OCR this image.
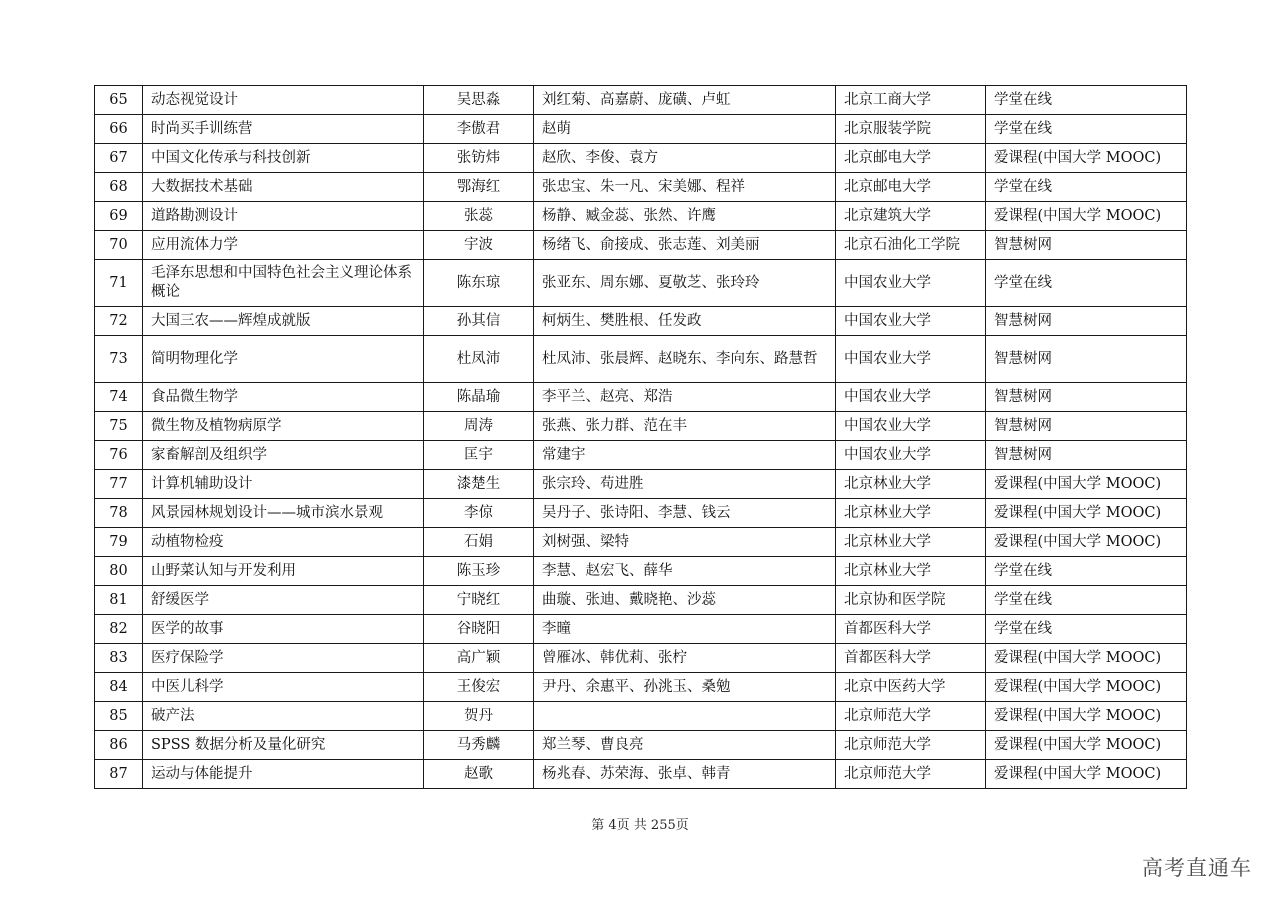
65	动态视觉设计	吴思淼	刘红菊、高嘉蔚、庞磺、卢虹	北京工商大学	学堂在线
66	时尚买手训练营	李傲君	赵萌	北京服装学院	学堂在线
67	中国文化传承与科技创新	张钫炜	赵欣、李俊、袁方	北京邮电大学	爱课程(中国大学 MOOC)
68	大数据技术基础	鄂海红	张忠宝、朱一凡、宋美娜、程祥	北京邮电大学	学堂在线
69	道路勘测设计	张蕊	杨静、臧金蕊、张然、许鹰	北京建筑大学	爱课程(中国大学 MOOC)
70	应用流体力学	宇波	杨绪飞、俞接成、张志莲、刘美丽	北京石油化工学院	智慧树网
71	毛泽东思想和中国特色社会主义理论体系概论	陈东琼	张亚东、周东娜、夏敬芝、张玲玲	中国农业大学	学堂在线
72	大国三农——辉煌成就版	孙其信	柯炳生、樊胜根、任发政	中国农业大学	智慧树网
73	简明物理化学	杜凤沛	杜凤沛、张晨辉、赵晓东、李向东、路慧哲	中国农业大学	智慧树网
74	食品微生物学	陈晶瑜	李平兰、赵亮、郑浩	中国农业大学	智慧树网
75	微生物及植物病原学	周涛	张燕、张力群、范在丰	中国农业大学	智慧树网
76	家畜解剖及组织学	匡宇	常建宇	中国农业大学	智慧树网
77	计算机辅助设计	漆楚生	张宗玲、苟进胜	北京林业大学	爱课程(中国大学 MOOC)
78	风景园林规划设计——城市滨水景观	李倞	吴丹子、张诗阳、李慧、钱云	北京林业大学	爱课程(中国大学 MOOC)
79	动植物检疫	石娟	刘树强、梁特	北京林业大学	爱课程(中国大学 MOOC)
80	山野菜认知与开发利用	陈玉珍	李慧、赵宏飞、薛华	北京林业大学	学堂在线
81	舒缓医学	宁晓红	曲璇、张迪、戴晓艳、沙蕊	北京协和医学院	学堂在线
82	医学的故事	谷晓阳	李曈	首都医科大学	学堂在线
83	医疗保险学	高广颖	曾雁冰、韩优莉、张柠	首都医科大学	爱课程(中国大学 MOOC)
84	中医儿科学	王俊宏	尹丹、余惠平、孙洮玉、桑勉	北京中医药大学	爱课程(中国大学 MOOC)
85	破产法	贺丹		北京师范大学	爱课程(中国大学 MOOC)
86	SPSS 数据分析及量化研究	马秀麟	郑兰琴、曹良亮	北京师范大学	爱课程(中国大学 MOOC)
87	运动与体能提升	赵歌	杨兆春、苏荣海、张卓、韩青	北京师范大学	爱课程(中国大学 MOOC)
第 4页 共 255页
高考直通车
